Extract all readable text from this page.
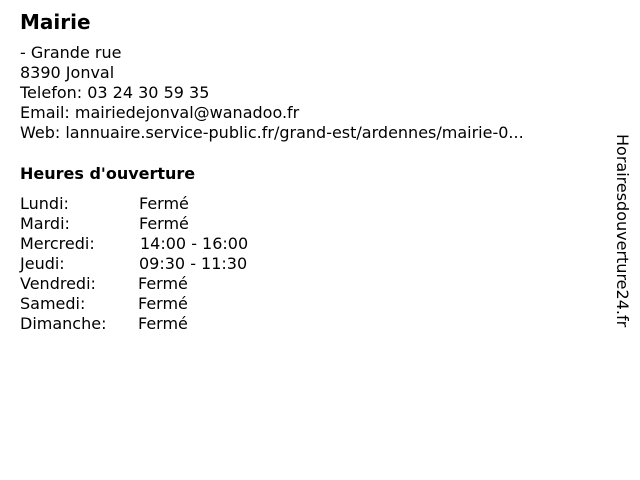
Mairie
- Grande rue
8390 Jonval
Telefon: 03 24 30 59 35
Email: mairiedejonval@wanadoo.fr
Web: lannuaire.service-public.fr/grand-est/ardennes/mairie-0...
Heures d'ouverture
Lundi:	Fermé
Mardi:	Fermé
Mercredi:	14:00 - 16:00
Jeudi:	09:30 - 11:30
Vendredi:	Fermé
Samedi:	Fermé
Dimanche: Fermé	Horairesdouverture24.fr
